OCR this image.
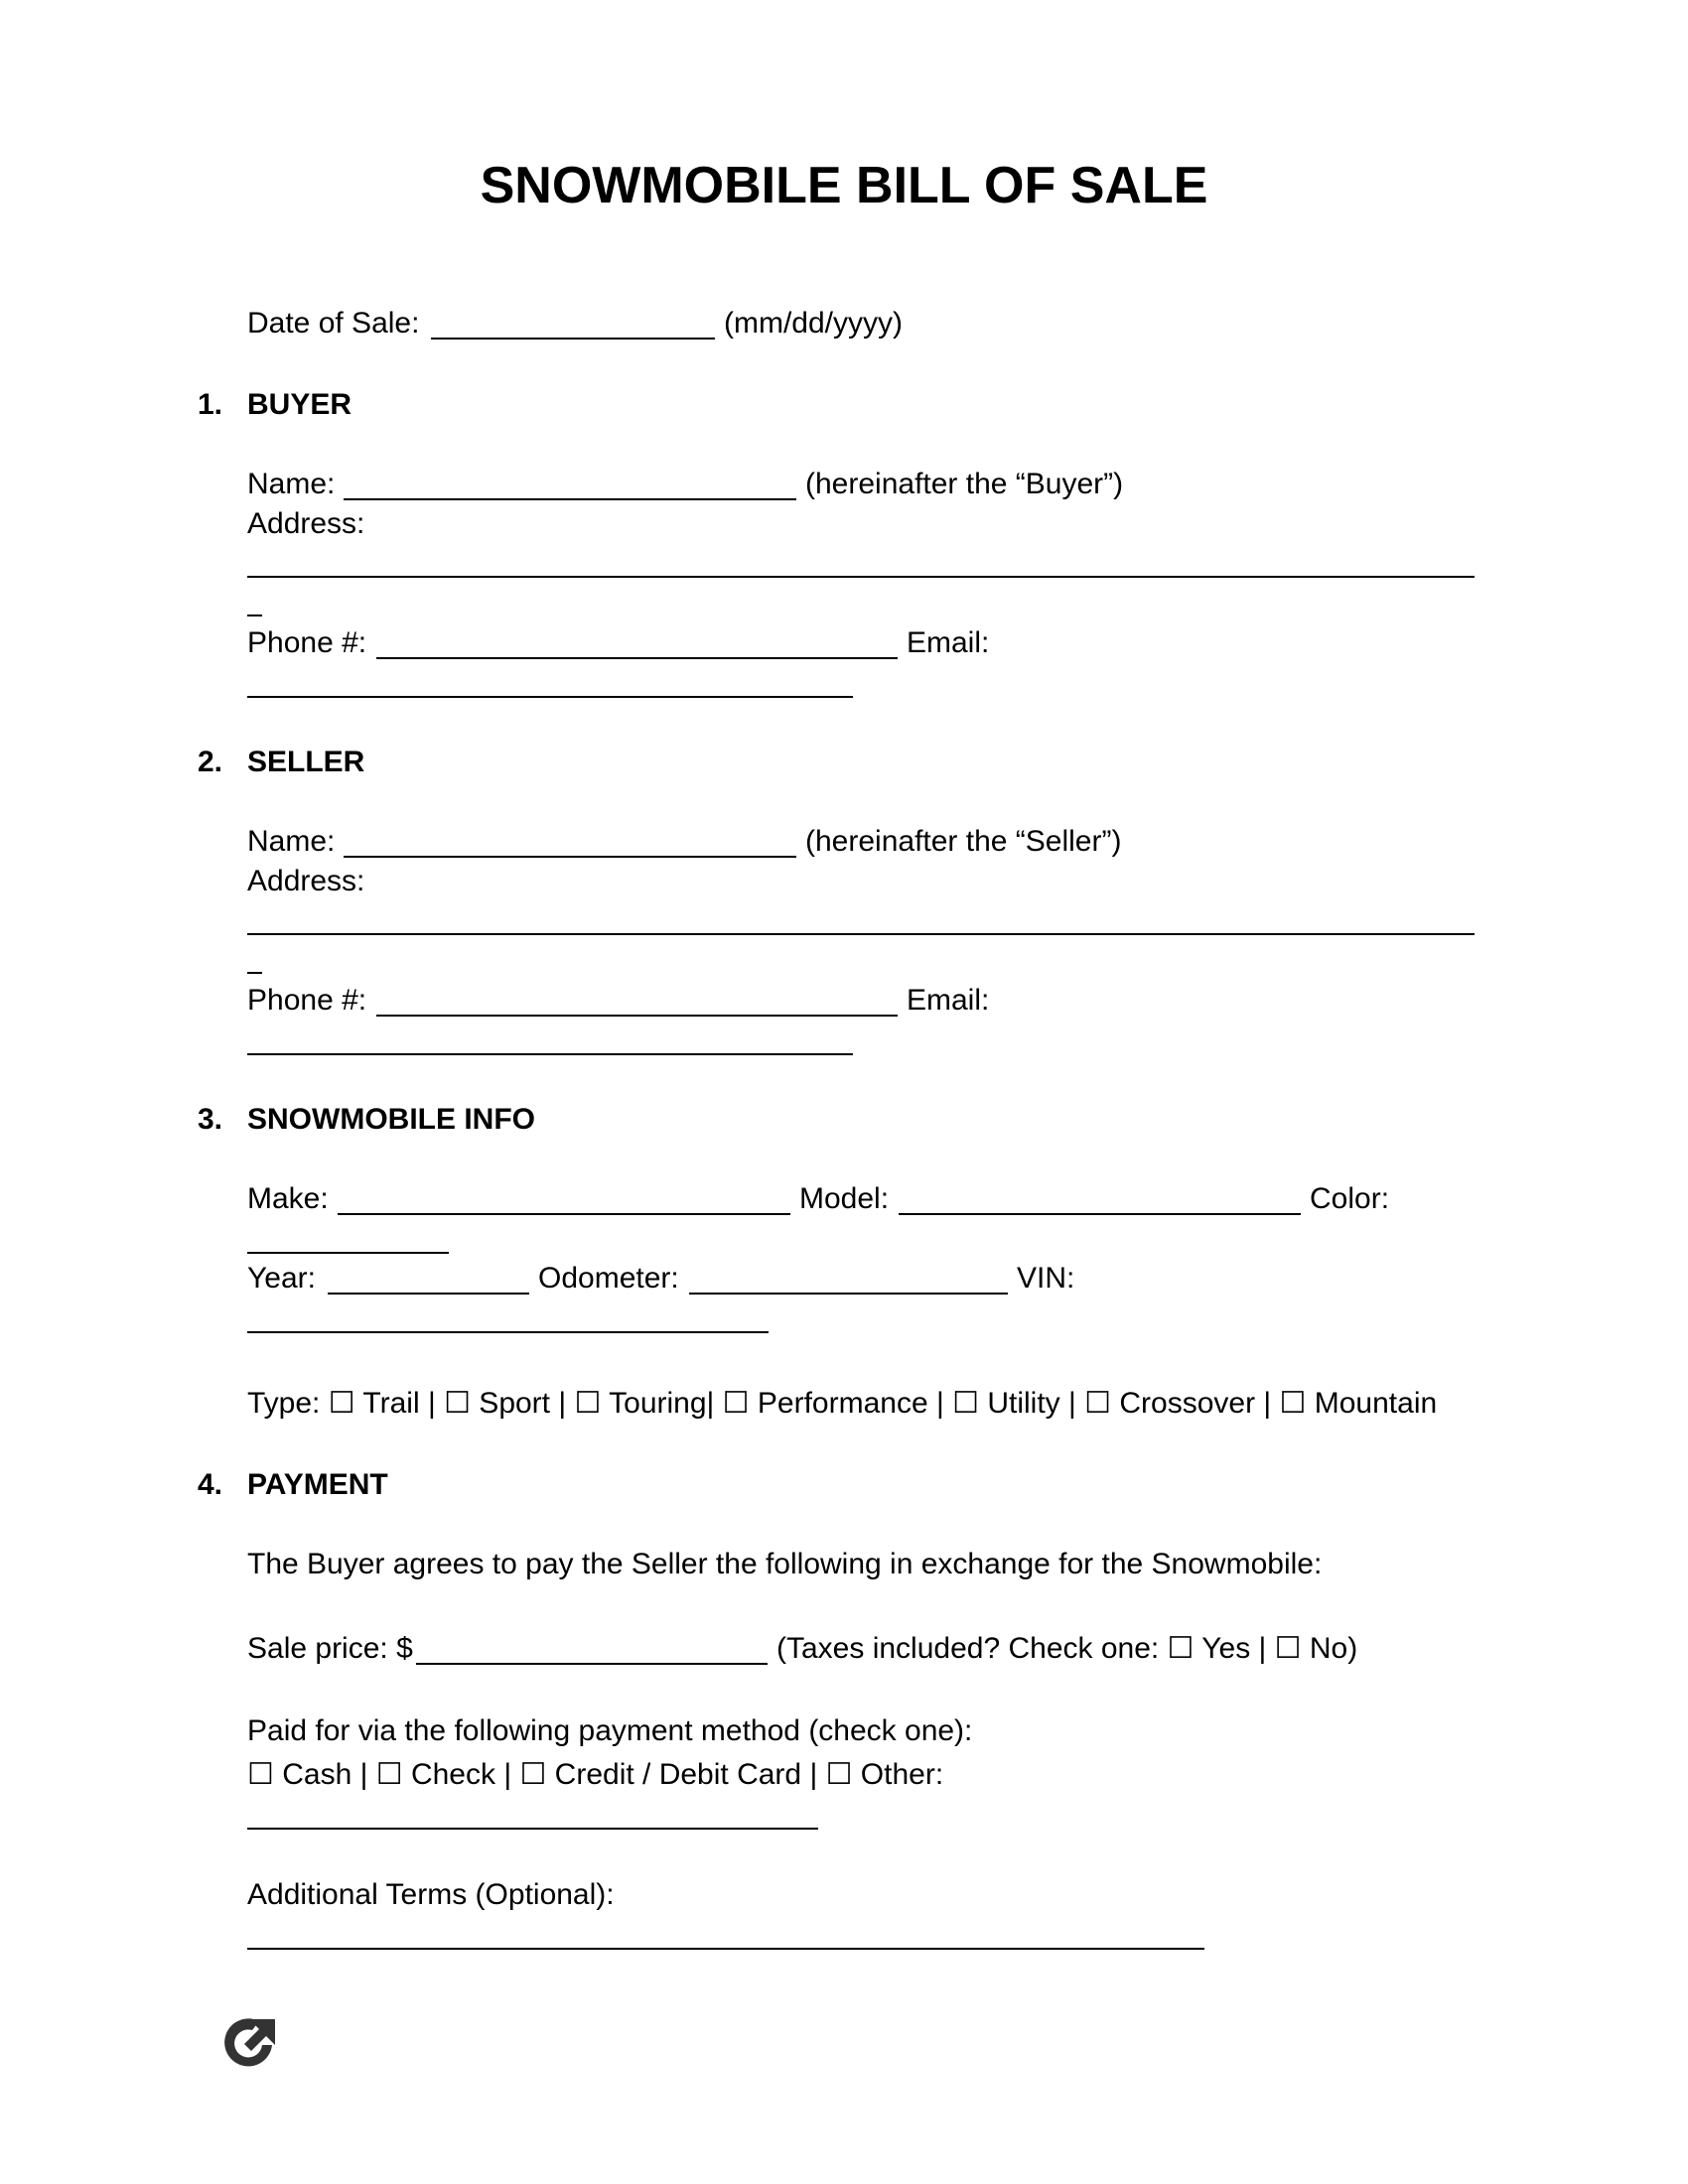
SNOWMOBILE BILL OF SALE
Date of Sale:	(mm/dd/yyyy)
1. BUYER
Name:	(hereinafter the “Buyer”)
Address:
Phone #:	Email:
2. SELLER
Name:	(hereinafter the “Seller”)
Address:
Phone #:	Email:
3. SNOWMOBILE INFO
Make:	Model:	Color:
Year:	Odometer:	VIN:
Type: ☐ Trail | ☐ Sport | ☐ Touring| ☐ Performance | ☐ Utility | ☐ Crossover | ☐ Mountain
4. PAYMENT
The Buyer agrees to pay the Seller the following in exchange for the Snowmobile:
Sale price: $	(Taxes included? Check one: ☐ Yes | ☐ No)
Paid for via the following payment method (check one):
☐ Cash | ☐ Check | ☐ Credit / Debit Card | ☐ Other:
Additional Terms (Optional):
